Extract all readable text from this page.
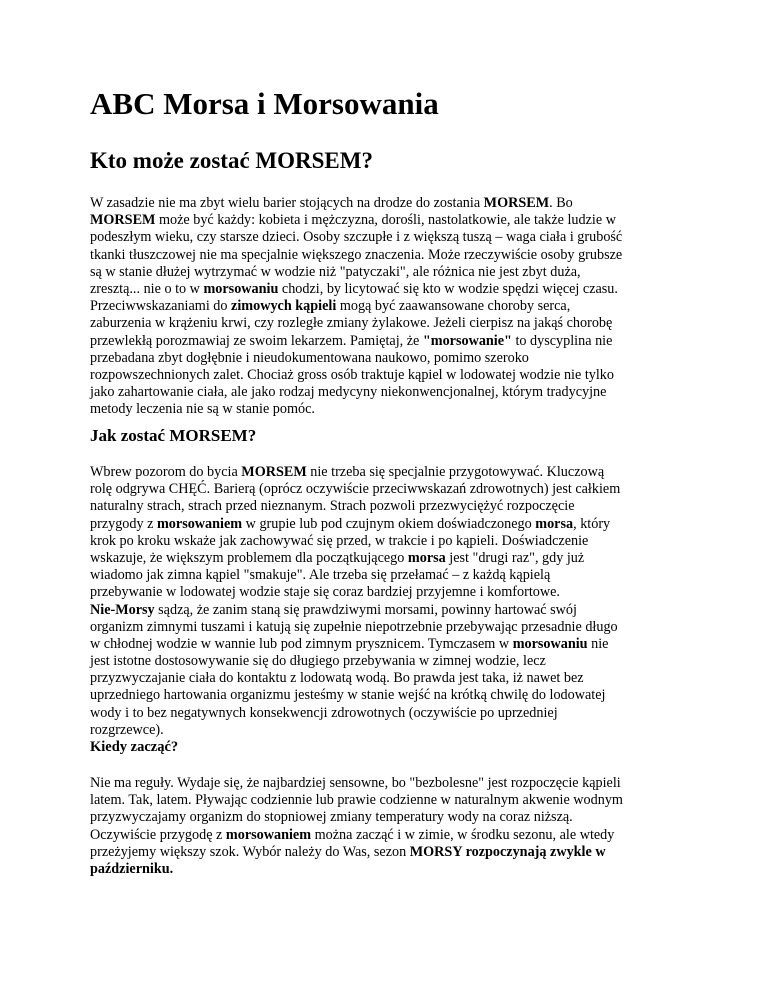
ABC Morsa i Morsowania
Kto może zostać MORSEM?
W zasadzie nie ma zbyt wielu barier stojących na drodze do zostania MORSEM. Bo
MORSEM może być każdy: kobieta i mężczyzna, dorośli, nastolatkowie, ale także ludzie w
podeszłym wieku, czy starsze dzieci. Osoby szczupłe i z większą tuszą – waga ciała i grubość
tkanki tłuszczowej nie ma specjalnie większego znaczenia. Może rzeczywiście osoby grubsze
są w stanie dłużej wytrzymać w wodzie niż "patyczaki", ale różnica nie jest zbyt duża,
zresztą... nie o to w morsowaniu chodzi, by licytować się kto w wodzie spędzi więcej czasu.
Przeciwwskazaniami do zimowych kąpieli mogą być zaawansowane choroby serca,
zaburzenia w krążeniu krwi, czy rozległe zmiany żylakowe. Jeżeli cierpisz na jakąś chorobę
przewlekłą porozmawiaj ze swoim lekarzem. Pamiętaj, że "morsowanie" to dyscyplina nie
przebadana zbyt dogłębnie i nieudokumentowana naukowo, pomimo szeroko
rozpowszechnionych zalet. Chociaż gross osób traktuje kąpiel w lodowatej wodzie nie tylko
jako zahartowanie ciała, ale jako rodzaj medycyny niekonwencjonalnej, którym tradycyjne
metody leczenia nie są w stanie pomóc.
Jak zostać MORSEM?
Wbrew pozorom do bycia MORSEM nie trzeba się specjalnie przygotowywać. Kluczową
rolę odgrywa CHĘĆ. Barierą (oprócz oczywiście przeciwwskazań zdrowotnych) jest całkiem
naturalny strach, strach przed nieznanym. Strach pozwoli przezwyciężyć rozpoczęcie
przygody z morsowaniem w grupie lub pod czujnym okiem doświadczonego morsa, który
krok po kroku wskaże jak zachowywać się przed, w trakcie i po kąpieli. Doświadczenie
wskazuje, że większym problemem dla początkującego morsa jest "drugi raz", gdy już
wiadomo jak zimna kąpiel "smakuje". Ale trzeba się przełamać – z każdą kąpielą
przebywanie w lodowatej wodzie staje się coraz bardziej przyjemne i komfortowe.
Nie-Morsy sądzą, że zanim staną się prawdziwymi morsami, powinny hartować swój
organizm zimnymi tuszami i katują się zupełnie niepotrzebnie przebywając przesadnie długo
w chłodnej wodzie w wannie lub pod zimnym prysznicem. Tymczasem w morsowaniu nie
jest istotne dostosowywanie się do długiego przebywania w zimnej wodzie, lecz
przyzwyczajanie ciała do kontaktu z lodowatą wodą. Bo prawda jest taka, iż nawet bez
uprzedniego hartowania organizmu jesteśmy w stanie wejść na krótką chwilę do lodowatej
wody i to bez negatywnych konsekwencji zdrowotnych (oczywiście po uprzedniej
rozgrzewce).
Kiedy zacząć?
Nie ma reguły. Wydaje się, że najbardziej sensowne, bo "bezbolesne" jest rozpoczęcie kąpieli
latem. Tak, latem. Pływając codziennie lub prawie codzienne w naturalnym akwenie wodnym
przyzwyczajamy organizm do stopniowej zmiany temperatury wody na coraz niższą.
Oczywiście przygodę z morsowaniem można zacząć i w zimie, w środku sezonu, ale wtedy
przeżyjemy większy szok. Wybór należy do Was, sezon MORSY rozpoczynają zwykle w
październiku.
